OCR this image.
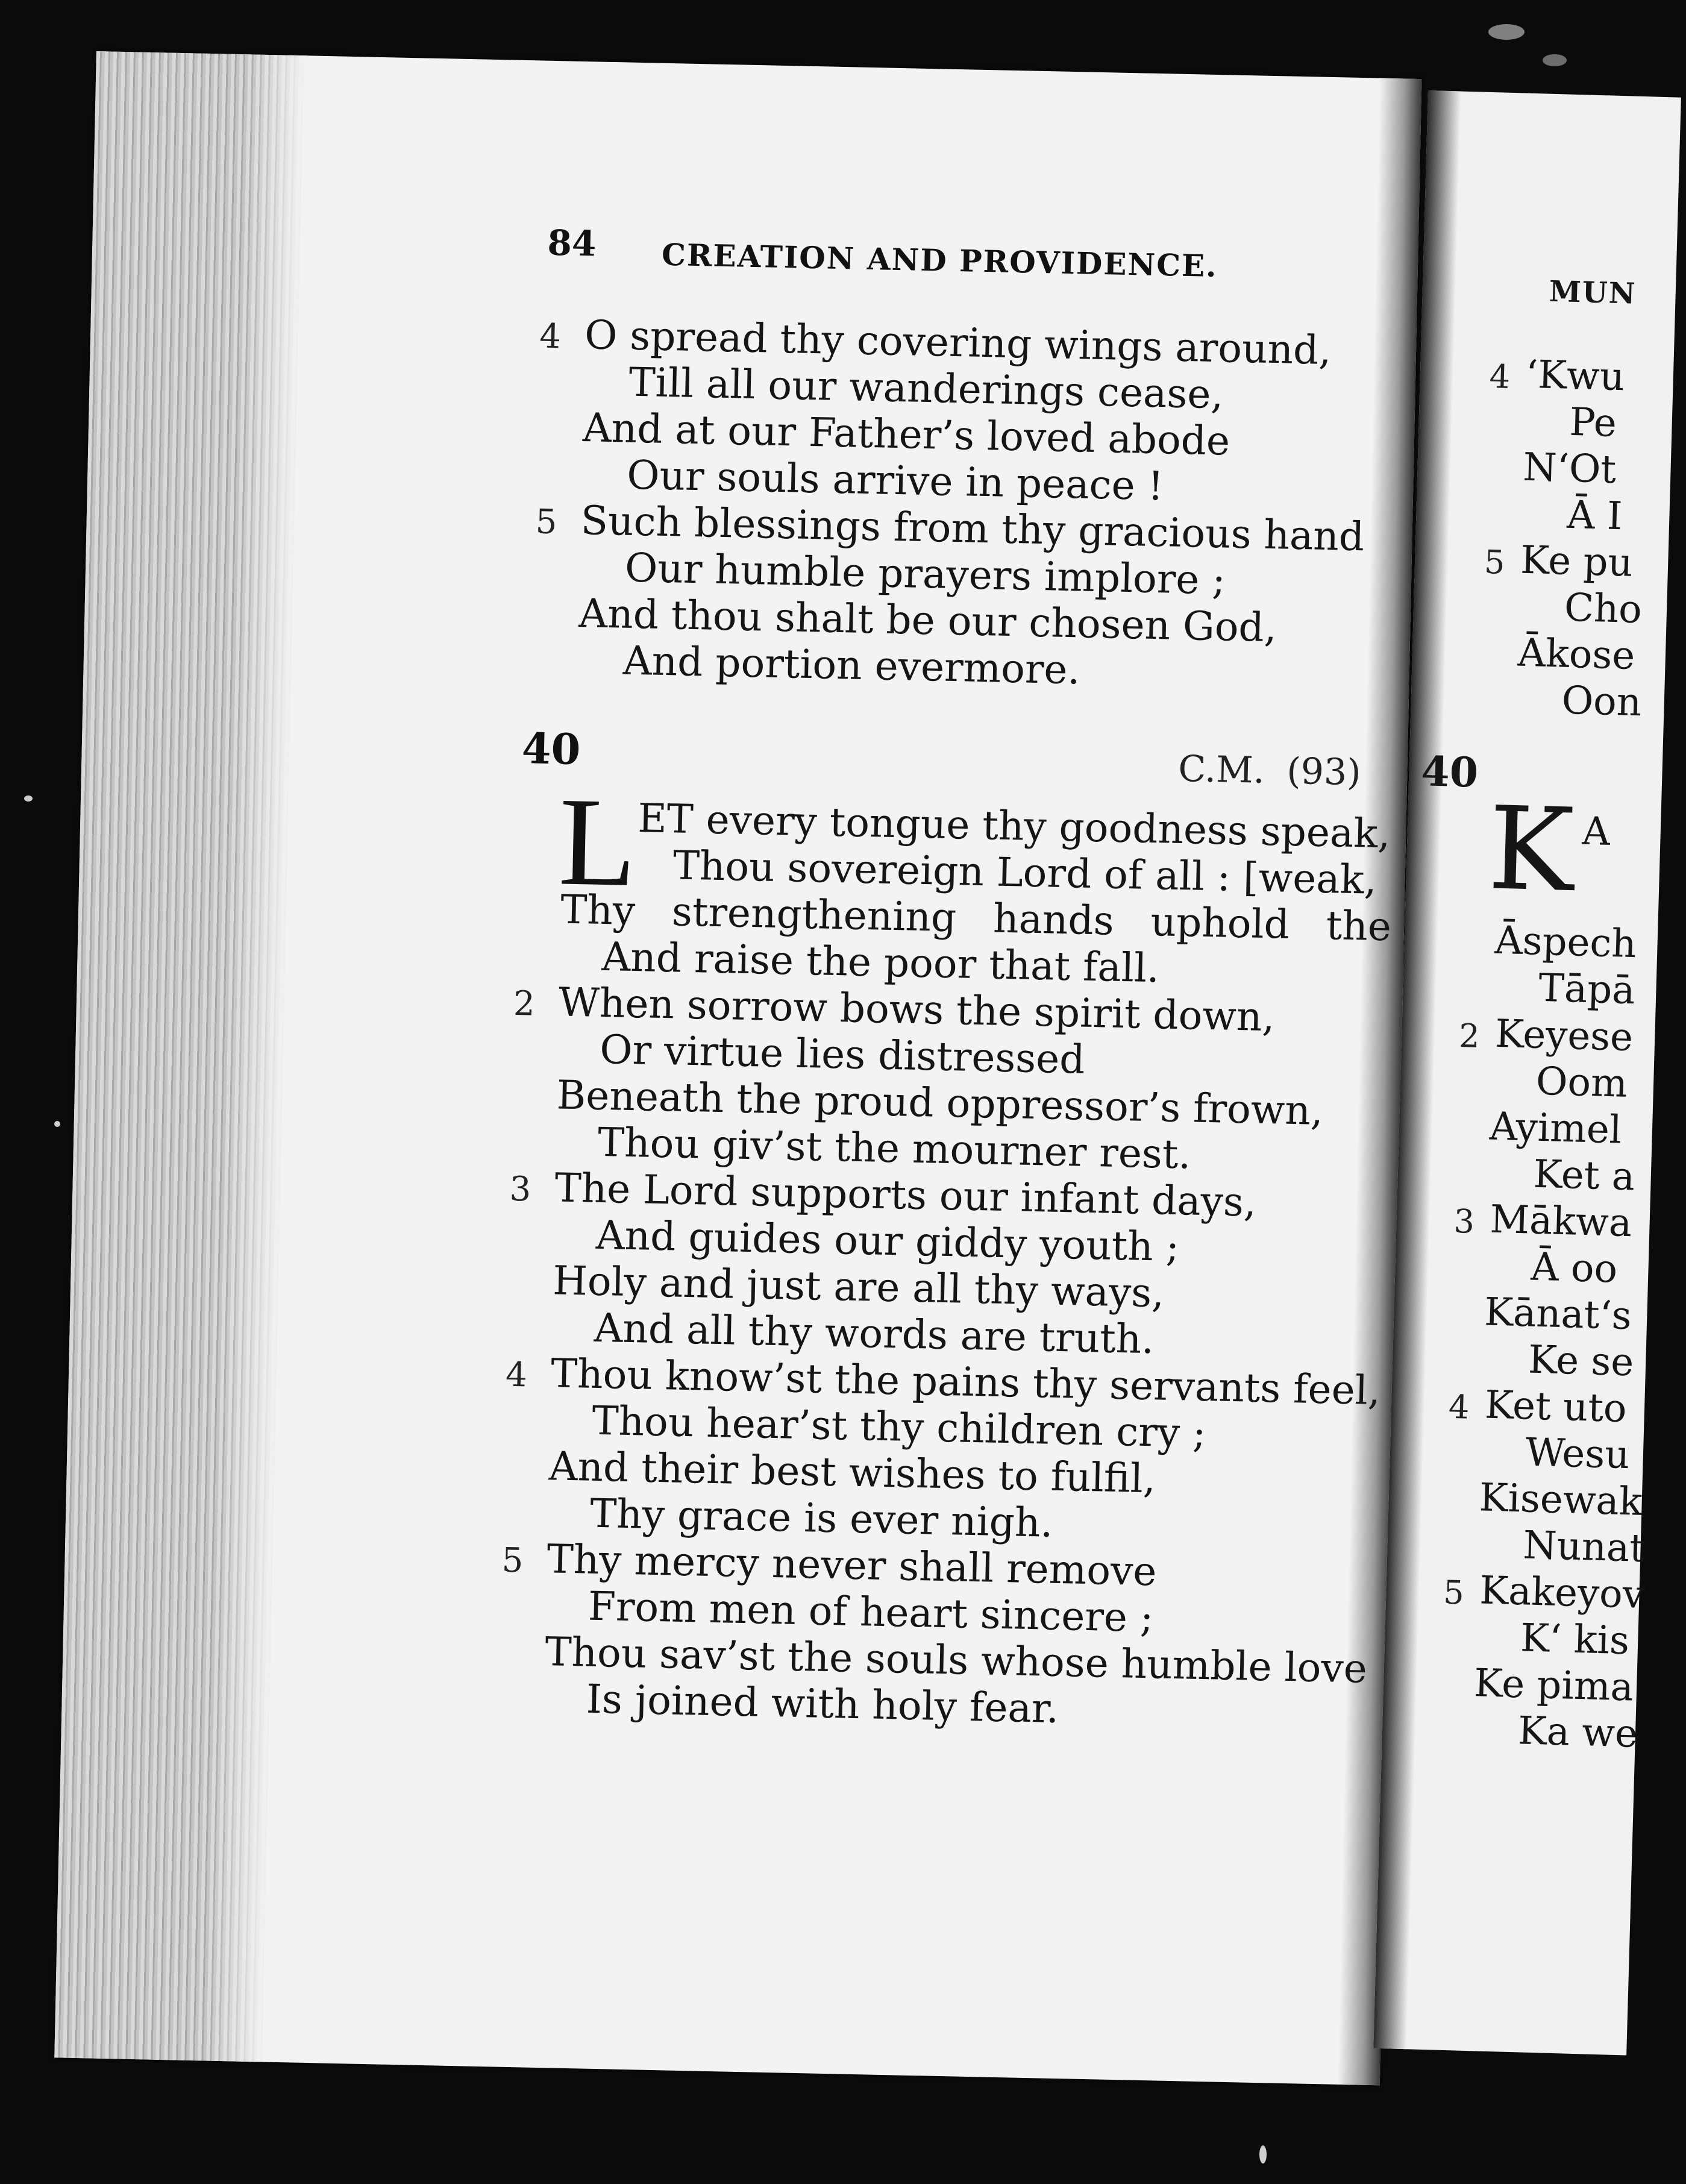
84 CREATION AND PROVIDENCE.
4 O spread thy covering wings around,
Till all our wanderings cease,
And at our Father’s loved abode
Our souls arrive in peace !
5 Such blessings from thy gracious hand
Our humble prayers implore ;
And thou shalt be our chosen God,
And portion evermore.
40	C.M. (93)
L ET every tongue thy goodness speak,
Thou sovereign Lord of all : [weak,
Thy strengthening hands uphold the
And raise the poor that fall.
2 When sorrow bows the spirit down,
Or virtue lies distressed
Beneath the proud oppressor’s frown,
Thou giv’st the mourner rest.
3 The Lord supports our infant days,
And guides our giddy youth ;
Holy and just are all thy ways,
And all thy words are truth.
4 Thou know’st the pains thy servants feel,
Thou hear’st thy children cry ;
And their best wishes to fulfil,
Thy grace is ever nigh.
5 Thy mercy never shall remove
From men of heart sincere ;
Thou sav’st the souls whose humble love
Is joined with holy fear.
MUN
4 ‘Kwu
Pe
N‘Ot
Ā I
5 Ke pu
Cho
Ākose
Oon
40
K A
Āspech
Tāpā
2 Keyese
Oom
Ayimel
Ket a
3 Mākwa
Ā oo
Kānat‘s
Ke se
4 Ket uto
Wesu
Kisewak
Nunat
5 Kakeyov
K‘ kis
Ke pima
Ka we
